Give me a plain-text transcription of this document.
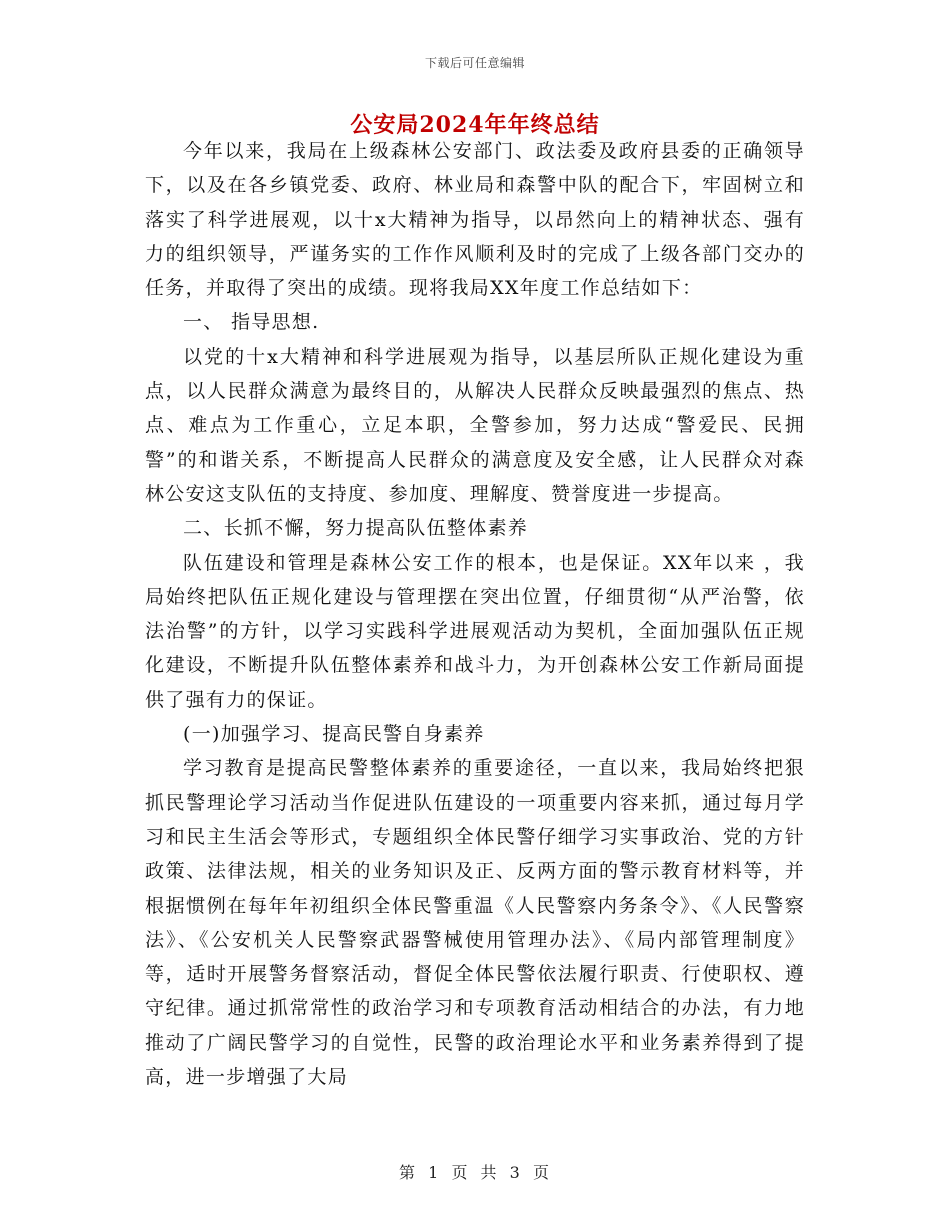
下载后可任意编辑
公安局2024年年终总结

今年以来，我局在上级森林公安部门、政法委及政府县委的正确领导下，以及在各乡镇党委、政府、林业局和森警中队的配合下，牢固树立和落实了科学进展观，以十x大精神为指导，以昂然向上的精神状态、强有力的组织领导，严谨务实的工作作风顺利及时的完成了上级各部门交办的任务，并取得了突出的成绩。现将我局XX年度工作总结如下：

一、 指导思想.

以党的十x大精神和科学进展观为指导，以基层所队正规化建设为重点，以人民群众满意为最终目的，从解决人民群众反映最强烈的焦点、热点、难点为工作重心，立足本职，全警参加，努力达成“警爱民、民拥警”的和谐关系，不断提高人民群众的满意度及安全感，让人民群众对森林公安这支队伍的支持度、参加度、理解度、赞誉度进一步提高。

二、长抓不懈，努力提高队伍整体素养

队伍建设和管理是森林公安工作的根本，也是保证。XX年以来 ，我局始终把队伍正规化建设与管理摆在突出位置，仔细贯彻“从严治警，依法治警”的方针，以学习实践科学进展观活动为契机，全面加强队伍正规化建设，不断提升队伍整体素养和战斗力，为开创森林公安工作新局面提供了强有力的保证。

(一)加强学习、提高民警自身素养

学习教育是提高民警整体素养的重要途径，一直以来，我局始终把狠抓民警理论学习活动当作促进队伍建设的一项重要内容来抓，通过每月学习和民主生活会等形式，专题组织全体民警仔细学习实事政治、党的方针政策、法律法规，相关的业务知识及正、反两方面的警示教育材料等，并根据惯例在每年年初组织全体民警重温《人民警察内务条令》、《人民警察法》、《公安机关人民警察武器警械使用管理办法》、《局内部管理制度》等，适时开展警务督察活动，督促全体民警依法履行职责、行使职权、遵守纪律。通过抓常常性的政治学习和专项教育活动相结合的办法，有力地推动了广阔民警学习的自觉性，民警的政治理论水平和业务素养得到了提高，进一步增强了大局

第 1 页 共 3 页
